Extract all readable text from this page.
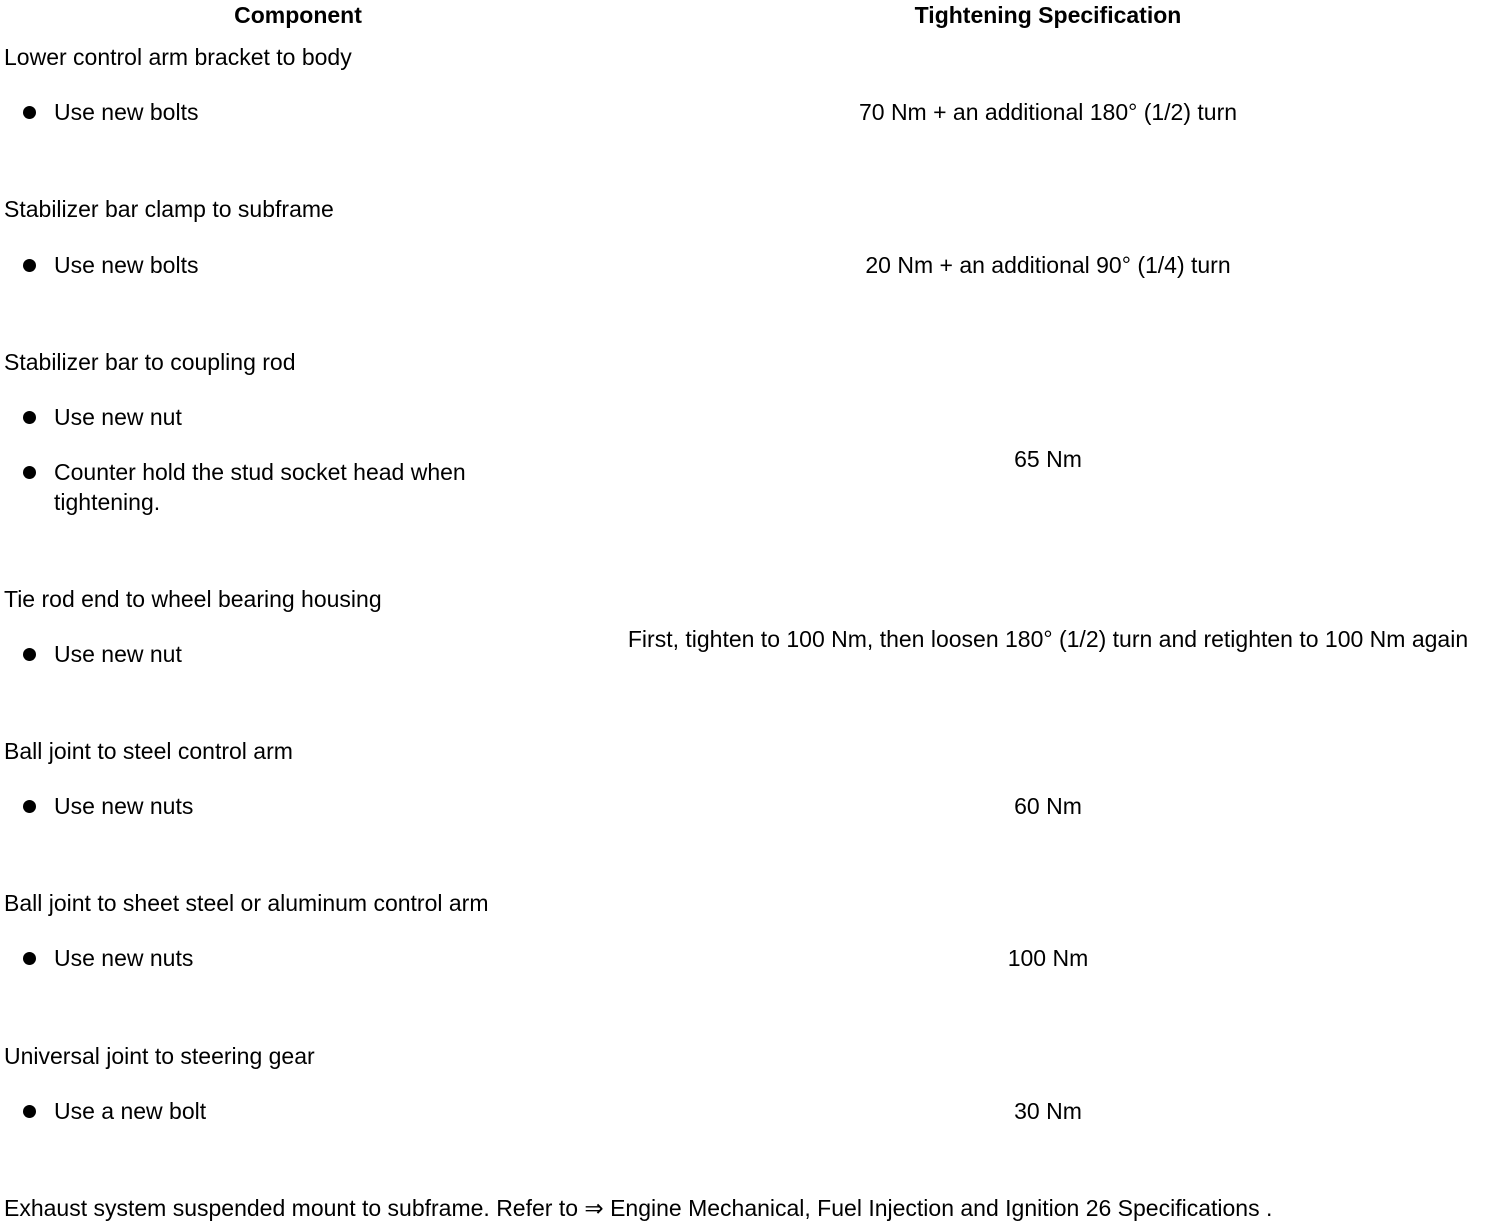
Component	Tightening Specification
Lower control arm bracket to body
Use new bolts	70 Nm + an additional 180° (1/2) turn
Stabilizer bar clamp to subframe
Use new bolts	20 Nm + an additional 90° (1/4) turn
Stabilizer bar to coupling rod
Use new nut
Counter hold the stud socket head when tightening.
65 Nm
Tie rod end to wheel bearing housing
Use new nut
First, tighten to 100 Nm, then loosen 180° (1/2) turn and retighten to 100 Nm again
Ball joint to steel control arm
Use new nuts	60 Nm
Ball joint to sheet steel or aluminum control arm
Use new nuts	100 Nm
Universal joint to steering gear
Use a new bolt	30 Nm
Exhaust system suspended mount to subframe. Refer to ⇒ Engine Mechanical, Fuel Injection and Ignition 26 Specifications .
